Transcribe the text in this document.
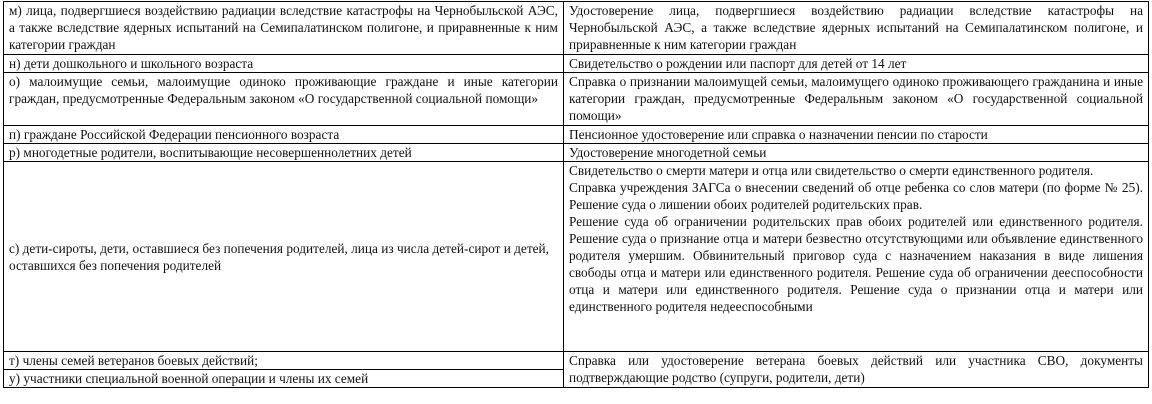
м) лица, подвергшиеся воздействию радиации вследствие катастрофы на Чернобыльской АЭС, а также вследствие ядерных испытаний на Семипалатинском полигоне, и приравненные к ним категории граждан	Удостоверение лица, подвергшиеся воздействию радиации вследствие катастрофы на Чернобыльской АЭС, а также вследствие ядерных испытаний на Семипалатинском полигоне, и приравненные к ним категории граждан
н) дети дошкольного и школьного возраста	Свидетельство о рождении или паспорт для детей от 14 лет
о) малоимущие семьи, малоимущие одиноко проживающие граждане и иные категории граждан, предусмотренные Федеральным законом «О государственной социальной помощи»	Справка о признании малоимущей семьи, малоимущего одиноко проживающего гражданина и иные категории граждан, предусмотренные Федеральным законом «О государственной социальной помощи»
п) граждане Российской Федерации пенсионного возраста	Пенсионное удостоверение или справка о назначении пенсии по старости
р) многодетные родители, воспитывающие несовершеннолетних детей	Удостоверение многодетной семьи
с) дети-сироты, дети, оставшиеся без попечения родителей, лица из числа детей-сирот и детей, оставшихся без попечения родителей	Свидетельство о смерти матери и отца или свидетельство о смерти единственного родителя.
Справка учреждения ЗАГСа о внесении сведений об отце ребенка со слов матери (по форме № 25). Решение суда о лишении обоих родителей родительских прав.
Решение суда об ограничении родительских прав обоих родителей или единственного родителя. Решение суда о признание отца и матери безвестно отсутствующими или объявление единственного родителя умершим. Обвинительный приговор суда с назначением наказания в виде лишения свободы отца и матери или единственного родителя. Решение суда об ограничении дееспособности отца и матери или единственного родителя. Решение суда о признании отца и матери или единственного родителя недееспособными

т) члены семей ветеранов боевых действий;
у) участники специальной военной операции и члены их семей	Справка или удостоверение ветерана боевых действий или участника СВО, документы подтверждающие родство (супруги, родители, дети)
